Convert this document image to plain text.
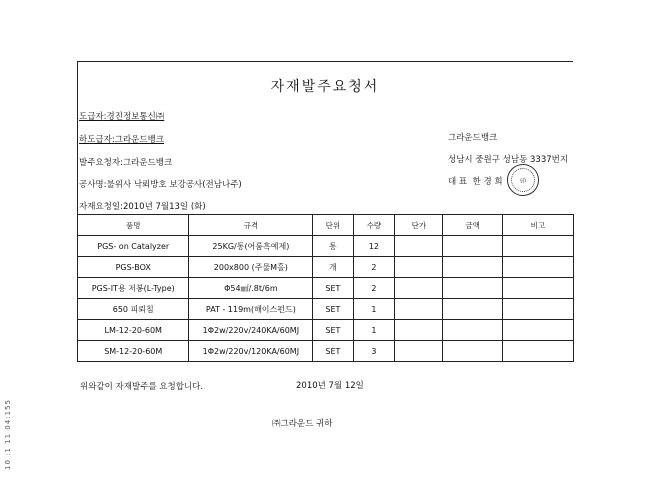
10 :1 11 04:155
자재발주요청서
도급자:경진정보통신㈜
하도급자:그라운드뱅크
발주요청자:그라운드뱅크
공사명:불위사 낙뢰방호 보강공사(전남나주)
자재요청일:2010년 7월13일 (화)
그라운드뱅크
성남시 중원구 성남동 3337번지
대 표 한 경 희	印
품명	규격	단위	수량	단가	금액	비고
PGS- on Catalyzer	25KG/통(어룸흑예제)	통	12			
PGS-BOX	200x800 (주물M홀)	개	2			
PGS-IT용 저봉(L-Type)	Φ54㎟/.8t/6m	SET	2			
650 피뢰침	PAT - 119m(해이스펀드)	SET	1			
LM-12-20-60M	1Φ2w/220v/240KA/60MJ	SET	1			
SM-12-20-60M	1Φ2w/220v/120KA/60MJ	SET	3			
위와같이 자재발주를 요청합니다.	2010년 7월 12일
㈜그라운드 귀하
